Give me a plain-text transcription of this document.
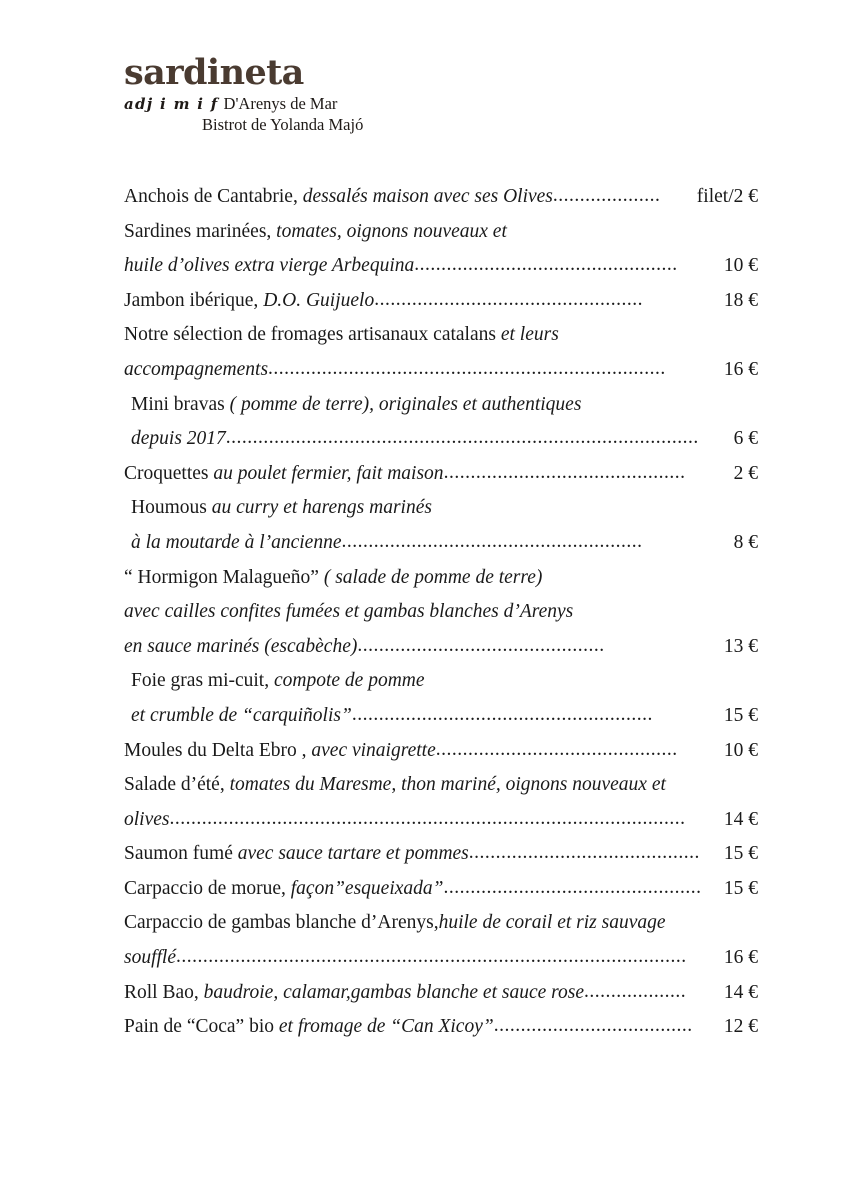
sardineta
adj i m i f D'Arenys de Mar
Bistrot de Yolanda Majó
Anchois de Cantabrie, dessalés maison avec ses Olives ....................	filet/2 €
Sardines marinées, tomates, oignons nouveaux et
huile d’olives extra vierge Arbequina .................................................	10 €
Jambon ibérique, D.O. Guijuelo ..................................................	18 €
Notre sélection de fromages artisanaux catalans et leurs
accompagnements ..........................................................................	16 €
Mini bravas ( pomme de terre), originales et authentiques
depuis 2017 ........................................................................................	6 €
Croquettes au poulet fermier, fait maison .............................................	2 €
Houmous au curry et harengs marinés
à la moutarde à l’ancienne ........................................................	8 €
“ Hormigon Malagueño” ( salade de pomme de terre)
avec cailles confites fumées et gambas blanches d’Arenys
en sauce marinés (escabèche) ..............................................	13 €
Foie gras mi-cuit, compote de pomme
et crumble de “carquiñolis” ........................................................	15 €
Moules du Delta Ebro , avec vinaigrette .............................................	10 €
Salade d’été, tomates du Maresme, thon mariné, oignons nouveaux et
olives ................................................................................................	14 €
Saumon fumé avec sauce tartare et pommes ...........................................	15 €
Carpaccio de morue, façon”esqueixada” ................................................	15 €
Carpaccio de gambas blanche d’Arenys,huile de corail et riz sauvage
soufflé ...............................................................................................	16 €
Roll Bao, baudroie, calamar,gambas blanche et sauce rose ...................	14 €
Pain de “Coca” bio et fromage de “Can Xicoy” .....................................	12 €
